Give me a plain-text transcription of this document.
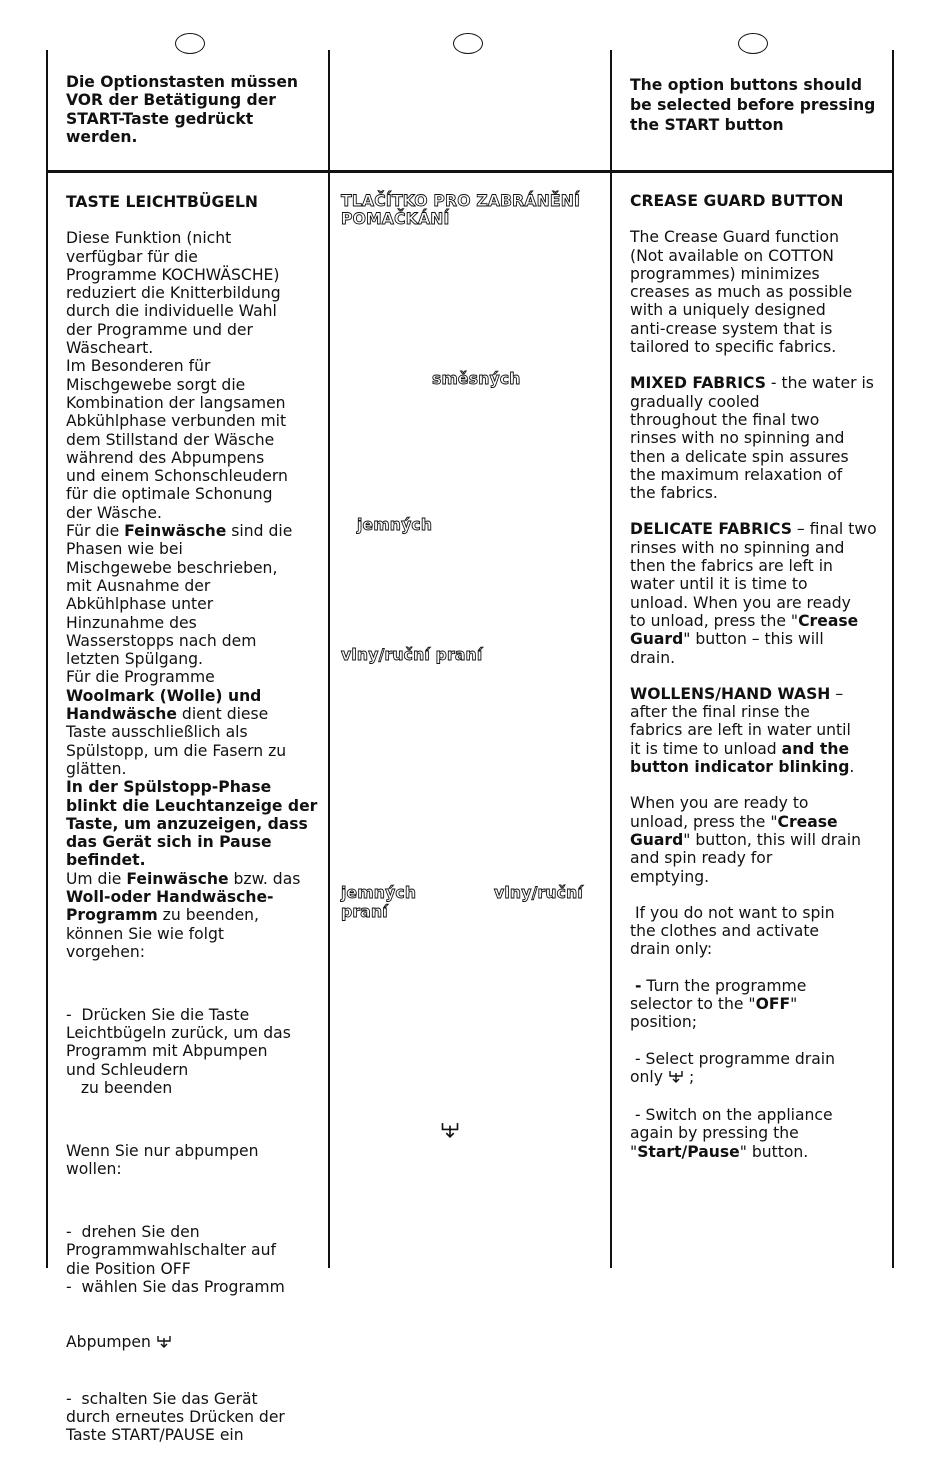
Die Optionstasten müssen

VOR der Betätigung der

START-Taste gedrückt

werden.

The option buttons should

be selected before pressing

the START button

TASTE LEICHTBÜGELN

Diese Funktion (nicht

verfügbar für die

Programme KOCHWÄSCHE)

reduziert die Knitterbildung

durch die individuelle Wahl

der Programme und der

Wäscheart.

Im Besonderen für

Mischgewebe sorgt die

Kombination der langsamen

Abkühlphase verbunden mit

dem Stillstand der Wäsche

während des Abpumpens

und einem Schonschleudern

für die optimale Schonung

der Wäsche.

Für die Feinwäsche sind die

Phasen wie bei

Mischgewebe beschrieben,

mit Ausnahme der

Abkühlphase unter

Hinzunahme des

Wasserstopps nach dem

letzten Spülgang.

Für die Programme

Woolmark (Wolle) und

Handwäsche dient diese

Taste ausschließlich als

Spülstopp, um die Fasern zu

glätten.

In der Spülstopp-Phase

blinkt die Leuchtanzeige der

Taste, um anzuzeigen, dass

das Gerät sich in Pause

befindet.

Um die Feinwäsche bzw. das

Woll-oder Handwäsche-

Programm zu beenden,

können Sie wie folgt

vorgehen:

-  Drücken Sie die Taste

Leichtbügeln zurück, um das

Programm mit Abpumpen

und Schleudern

zu beenden

Wenn Sie nur abpumpen

wollen:

-  drehen Sie den

Programmwahlschalter auf

die Position OFF

-  wählen Sie das Programm

Abpumpen

-  schalten Sie das Gerät

durch erneutes Drücken der

Taste START/PAUSE ein

TLAČÍTKO PRO ZABRÁNĚNÍ

POMAČKÁNÍ

směsných
jemných
vlny/ruční praní
jemných	vlny/ruční
praní

CREASE GUARD BUTTON

The Crease Guard function

(Not available on COTTON

programmes) minimizes

creases as much as possible

with a uniquely designed

anti-crease system that is

tailored to specific fabrics.

MIXED FABRICS - the water is

gradually cooled

throughout the final two

rinses with no spinning and

then a delicate spin assures

the maximum relaxation of

the fabrics.

DELICATE FABRICS – final two

rinses with no spinning and

then the fabrics are left in

water until it is time to

unload. When you are ready

to unload, press the "Crease

Guard" button – this will

drain.

WOLLENS/HAND WASH –

after the final rinse the

fabrics are left in water until

it is time to unload and the

button indicator blinking.

When you are ready to

unload, press the "Crease

Guard" button, this will drain

and spin ready for

emptying.

If you do not want to spin

the clothes and activate

drain only:

- Turn the programme

selector to the "OFF"

position;

- Select programme drain

only ;

- Switch on the appliance

again by pressing the

"Start/Pause" button.
